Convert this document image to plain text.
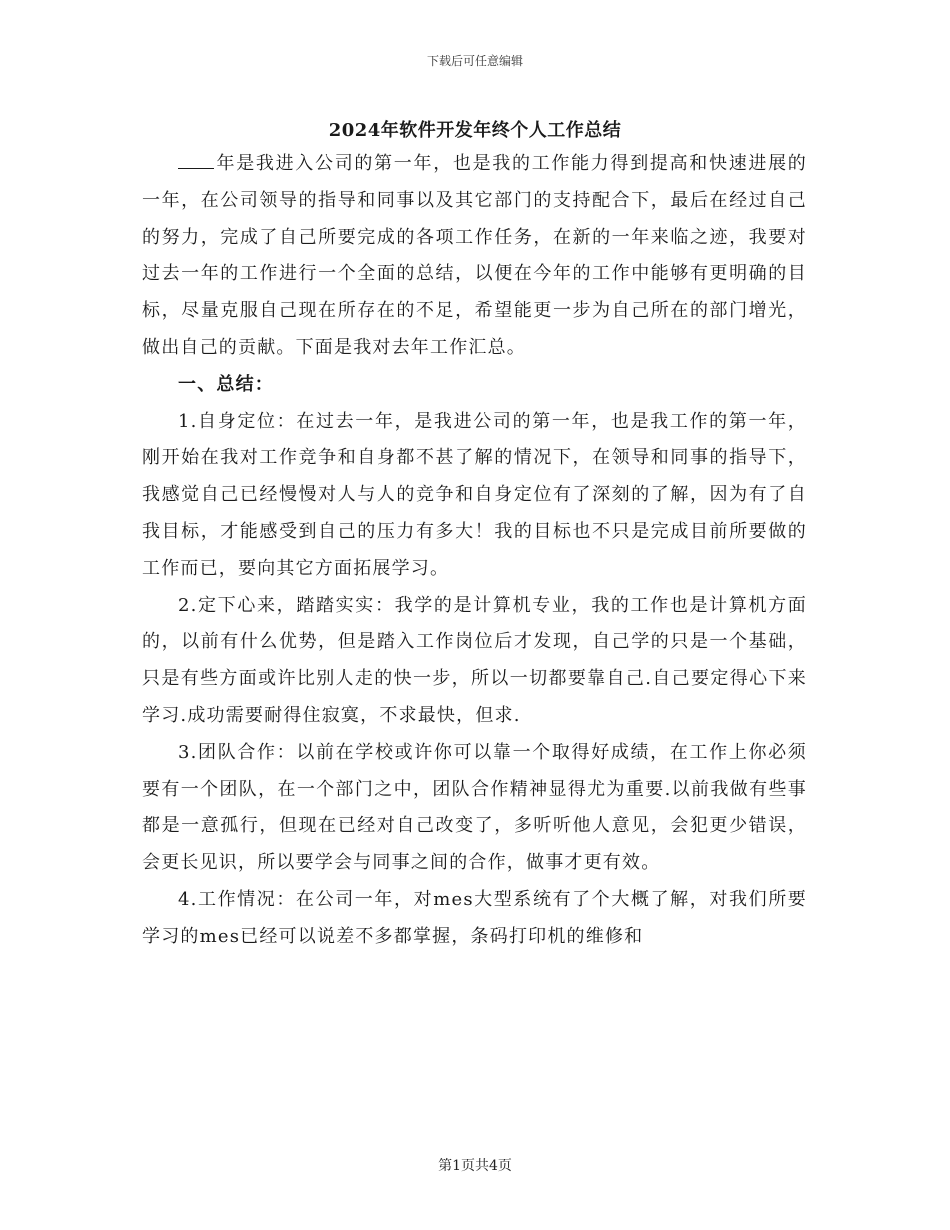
下载后可任意编辑
2024年软件开发年终个人工作总结

年是我进入公司的第一年，也是我的工作能力得到提高和快速进展的一年，在公司领导的指导和同事以及其它部门的支持配合下，最后在经过自己的努力，完成了自己所要完成的各项工作任务，在新的一年来临之迹，我要对过去一年的工作进行一个全面的总结，以便在今年的工作中能够有更明确的目标，尽量克服自己现在所存在的不足，希望能更一步为自己所在的部门增光，做出自己的贡献。下面是我对去年工作汇总。

一、总结：

1.自身定位：在过去一年，是我进公司的第一年，也是我工作的第一年，刚开始在我对工作竞争和自身都不甚了解的情况下，在领导和同事的指导下，我感觉自己已经慢慢对人与人的竞争和自身定位有了深刻的了解，因为有了自我目标，才能感受到自己的压力有多大！我的目标也不只是完成目前所要做的工作而已，要向其它方面拓展学习。

2.定下心来，踏踏实实：我学的是计算机专业，我的工作也是计算机方面的，以前有什么优势，但是踏入工作岗位后才发现，自己学的只是一个基础，只是有些方面或许比别人走的快一步，所以一切都要靠自己.自己要定得心下来学习.成功需要耐得住寂寞，不求最快，但求.

3.团队合作：以前在学校或许你可以靠一个取得好成绩，在工作上你必须要有一个团队，在一个部门之中，团队合作精神显得尤为重要.以前我做有些事都是一意孤行，但现在已经对自己改变了，多听听他人意见，会犯更少错误，会更长见识，所以要学会与同事之间的合作，做事才更有效。

4.工作情况：在公司一年，对mes大型系统有了个大概了解，对我们所要学习的mes已经可以说差不多都掌握，条码打印机的维修和

第1页共4页
